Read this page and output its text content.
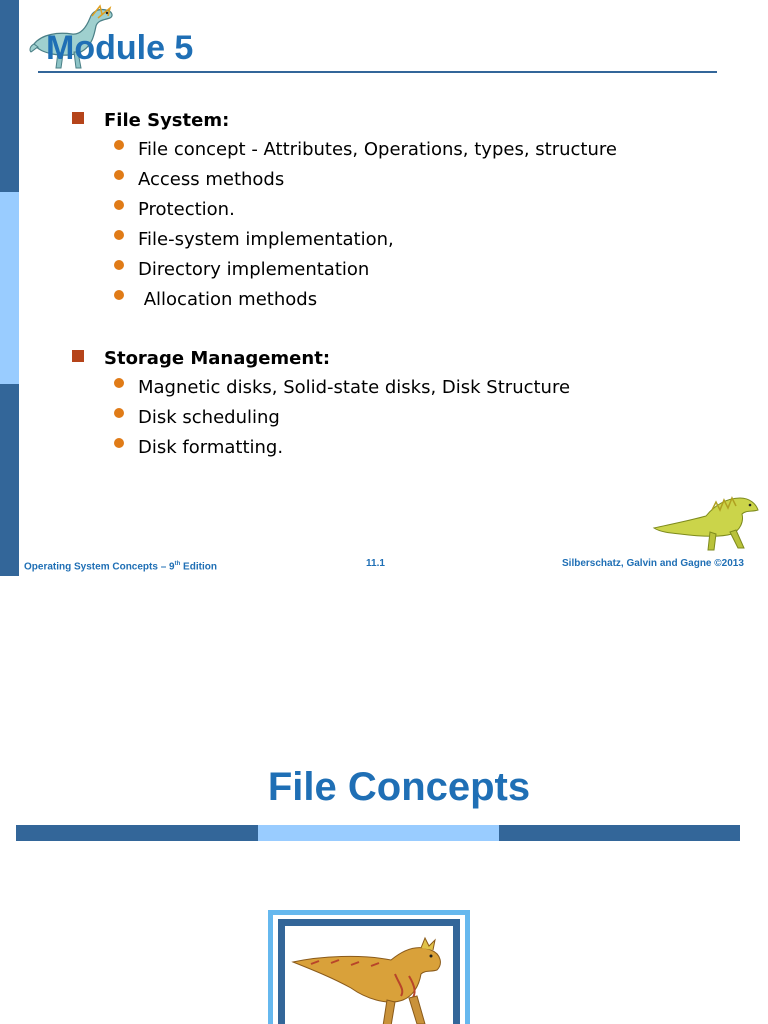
Module 5
File System:
File concept - Attributes, Operations, types, structure
Access methods
Protection.
File-system implementation,
Directory implementation
Allocation methods
Storage Management:
Magnetic disks, Solid-state disks, Disk Structure
Disk scheduling
Disk formatting.
Operating System Concepts – 9th Edition	11.1	Silberschatz, Galvin and Gagne ©2013
File Concepts
